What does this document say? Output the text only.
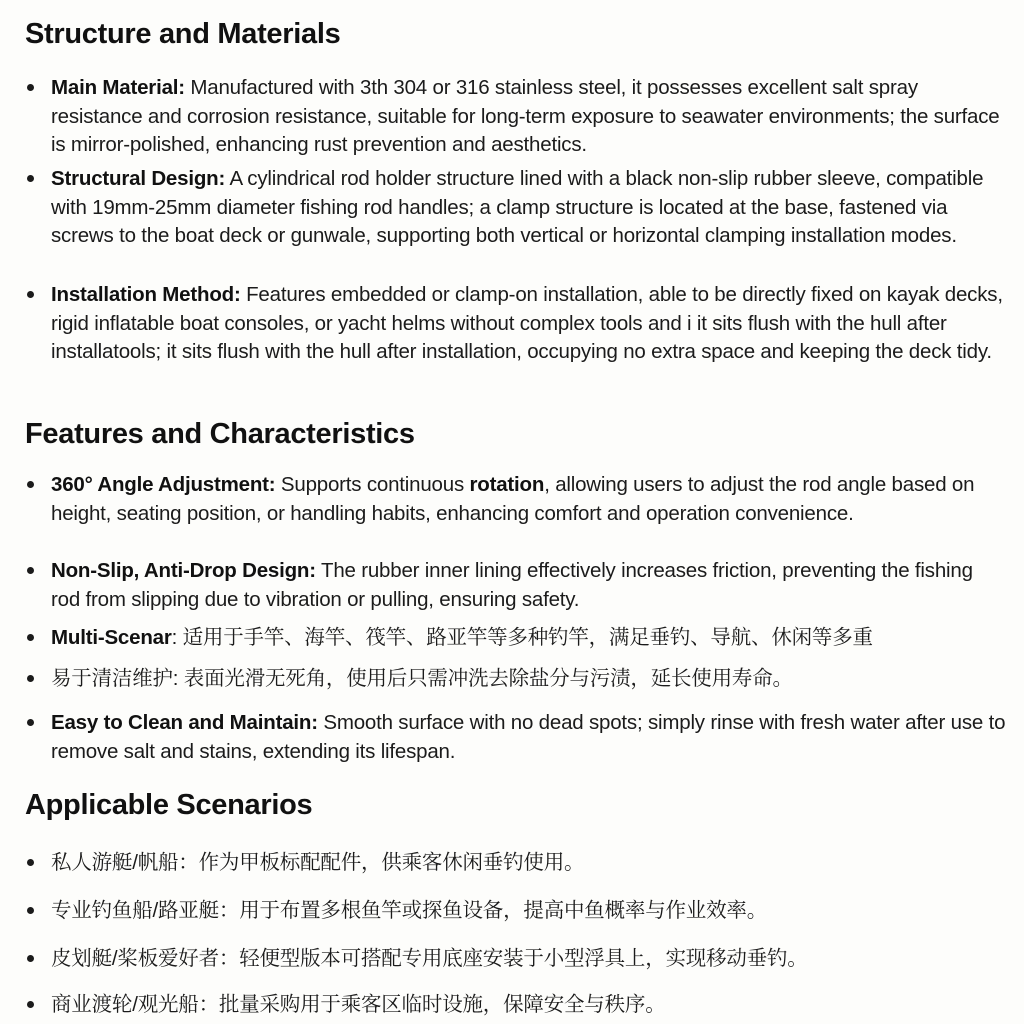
Structure and Materials
Main Material: Manufactured with 3th 304 or 316 stainless steel, it possesses excellent salt spray resistance and corrosion resistance, suitable for long-term exposure to seawater environments; the surface is mirror-polished, enhancing rust prevention and aesthetics.
Structural Design: A cylindrical rod holder structure lined with a black non-slip rubber sleeve, compatible with 19mm-25mm diameter fishing rod handles; a clamp structure is located at the base, fastened via screws to the boat deck or gunwale, supporting both vertical or horizontal clamping installation modes.
Installation Method: Features embedded or clamp-on installation, able to be directly fixed on kayak decks, rigid inflatable boat consoles, or yacht helms without complex tools and i it sits flush with the hull after installatools; it sits flush with the hull after installation, occupying no extra space and keeping the deck tidy.
Features and Characteristics
360° Angle Adjustment: Supports continuous rotation, allowing users to adjust the rod angle based on height, seating position, or handling habits, enhancing comfort and operation convenience.
Non-Slip, Anti-Drop Design: The rubber inner lining effectively increases friction, preventing the fishing rod from slipping due to vibration or pulling, ensuring safety.
Multi-Scenar: 适用于手竿、海竿、筏竿、路亚竿等多种钓竿，满足垂钓、导航、休闲等多重
易于清洁维护: 表面光滑无死角，使用后只需冲洗去除盐分与污渍，延长使用寿命。
Easy to Clean and Maintain: Smooth surface with no dead spots; simply rinse with fresh water after use to remove salt and stains, extending its lifespan.
Applicable Scenarios
私人游艇/帆船：作为甲板标配配件，供乘客休闲垂钓使用。
专业钓鱼船/路亚艇：用于布置多根鱼竿或探鱼设备，提高中鱼概率与作业效率。
皮划艇/桨板爱好者：轻便型版本可搭配专用底座安装于小型浮具上，实现移动垂钓。
商业渡轮/观光船：批量采购用于乘客区临时设施，保障安全与秩序。
